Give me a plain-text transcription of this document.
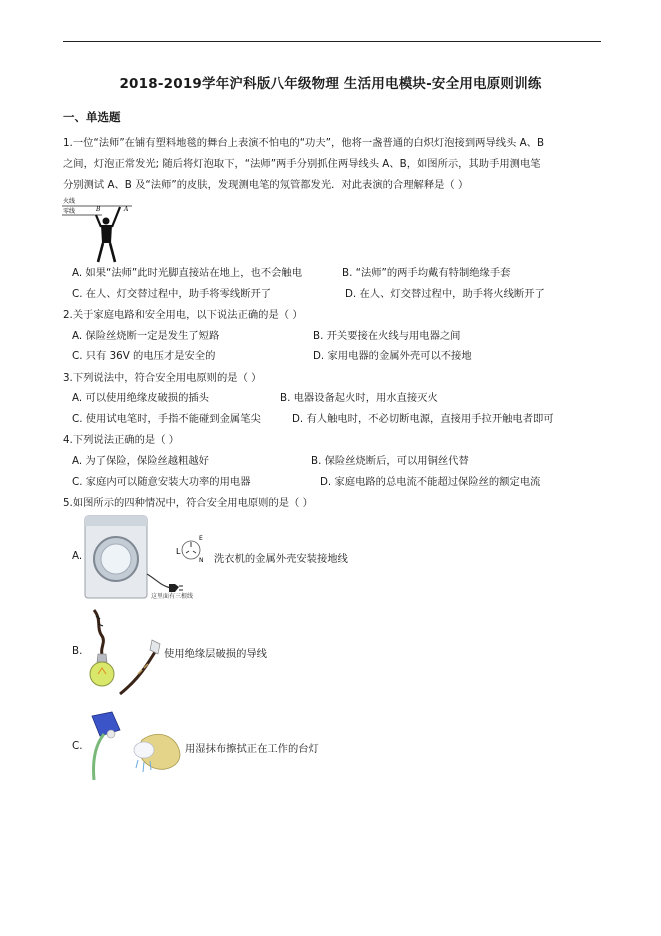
2018-2019学年沪科版八年级物理 生活用电模块-安全用电原则训练
一、单选题
1.一位“法师”在铺有塑料地毯的舞台上表演不怕电的“功夫”，他将一盏普通的白炽灯泡接到两导线头 A、B
之间，灯泡正常发光; 随后将灯泡取下，“法师”两手分别抓住两导线头 A、B，如图所示，其助手用测电笔
分别测试 A、B 及“法师”的皮肤，发现测电笔的氖管都发光．对此表演的合理解释是（ ）
火线
零线	B	A
A. 如果“法师”此时光脚直接站在地上，也不会触电	B. “法师”的两手均戴有特制绝缘手套
C. 在人、灯交替过程中，助手将零线断开了	D. 在人、灯交替过程中，助手将火线断开了
2.关于家庭电路和安全用电，以下说法正确的是（ ）
A. 保险丝烧断一定是发生了短路	B. 开关要接在火线与用电器之间
C. 只有 36V 的电压才是安全的	D. 家用电器的金属外壳可以不接地
3.下列说法中，符合安全用电原则的是（ ）
A. 可以使用绝缘皮破损的插头	B. 电器设备起火时，用水直接灭火
C. 使用试电笔时，手指不能碰到金属笔尖	D. 有人触电时，不必切断电源，直接用手拉开触电者即可
4.下列说法正确的是（ ）
A. 为了保险，保险丝越粗越好	B. 保险丝烧断后，可以用铜丝代替
C. 家庭内可以随意安装大功率的用电器	D. 家庭电路的总电流不能超过保险丝的额定电流
5.如图所示的四种情况中，符合安全用电原则的是（ ）
A.	L
E
N
这里面有三根线
洗衣机的金属外壳安装接地线
B.	使用绝缘层破损的导线
C.	用湿抹布擦拭正在工作的台灯
